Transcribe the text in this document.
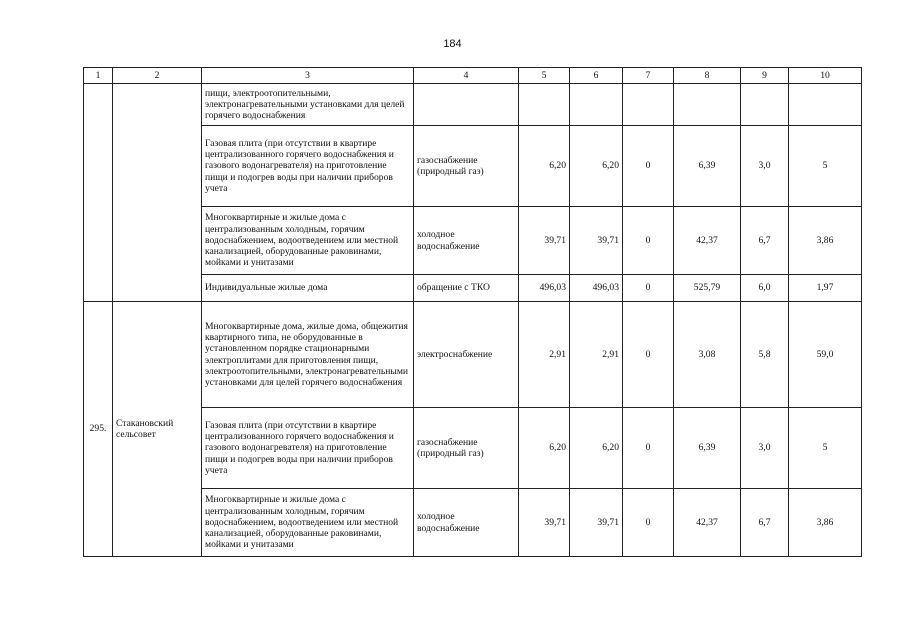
184
1	2	3	4	5	6	7	8	9	10
		пищи, электроотопительными, электронагревательными установками для целей горячего водоснабжения							
		Газовая плита (при отсутствии в квартире централизованного горячего водоснабжения и газового водонагревателя) на приготовление пищи и подогрев воды при наличии приборов учета	газоснабжение (природный газ)	6,20	6,20	0	6,39	3,0	5
		Многоквартирные и жилые дома с централизованным холодным, горячим водоснабжением, водоотведением или местной канализацией, оборудованные раковинами, мойками и унитазами	холодное водоснабжение	39,71	39,71	0	42,37	6,7	3,86
		Индивидуальные жилые дома	обращение с ТКО	496,03	496,03	0	525,79	6,0	1,97
295.	Стакановский сельсовет	Многоквартирные дома, жилые дома, общежития квартирного типа, не оборудованные в установленном порядке стационарными электроплитами для приготовления пищи, электроотопительными, электронагревательными установками для целей горячего водоснабжения	электроснабжение	2,91	2,91	0	3,08	5,8	59,0
		Газовая плита (при отсутствии в квартире централизованного горячего водоснабжения и газового водонагревателя) на приготовление пищи и подогрев воды при наличии приборов учета	газоснабжение (природный газ)	6,20	6,20	0	6,39	3,0	5
		Многоквартирные и жилые дома с централизованным холодным, горячим водоснабжением, водоотведением или местной канализацией, оборудованные раковинами, мойками и унитазами	холодное водоснабжение	39,71	39,71	0	42,37	6,7	3,86
